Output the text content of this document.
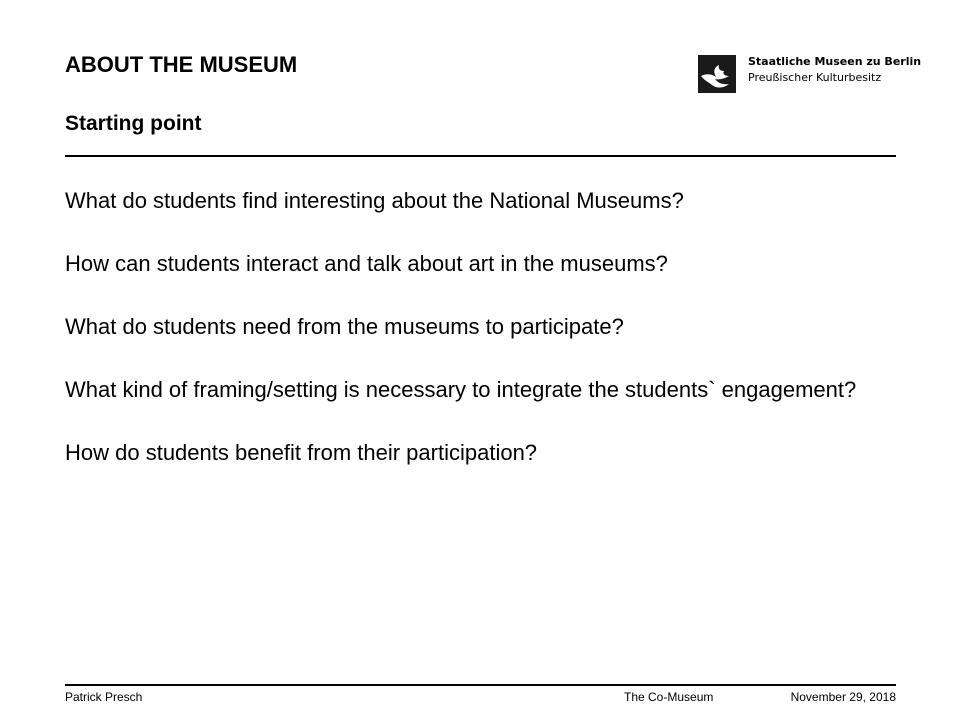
ABOUT THE MUSEUM
Starting point
Staatliche Museen zu Berlin
Preußischer Kulturbesitz
What do students find interesting about the National Museums?
How can students interact and talk about art in the museums?
What do students need from the museums to participate?
What kind of framing/setting is necessary to integrate the students` engagement?
How do students benefit from their participation?
Patrick Presch	The Co-Museum	November 29, 2018
